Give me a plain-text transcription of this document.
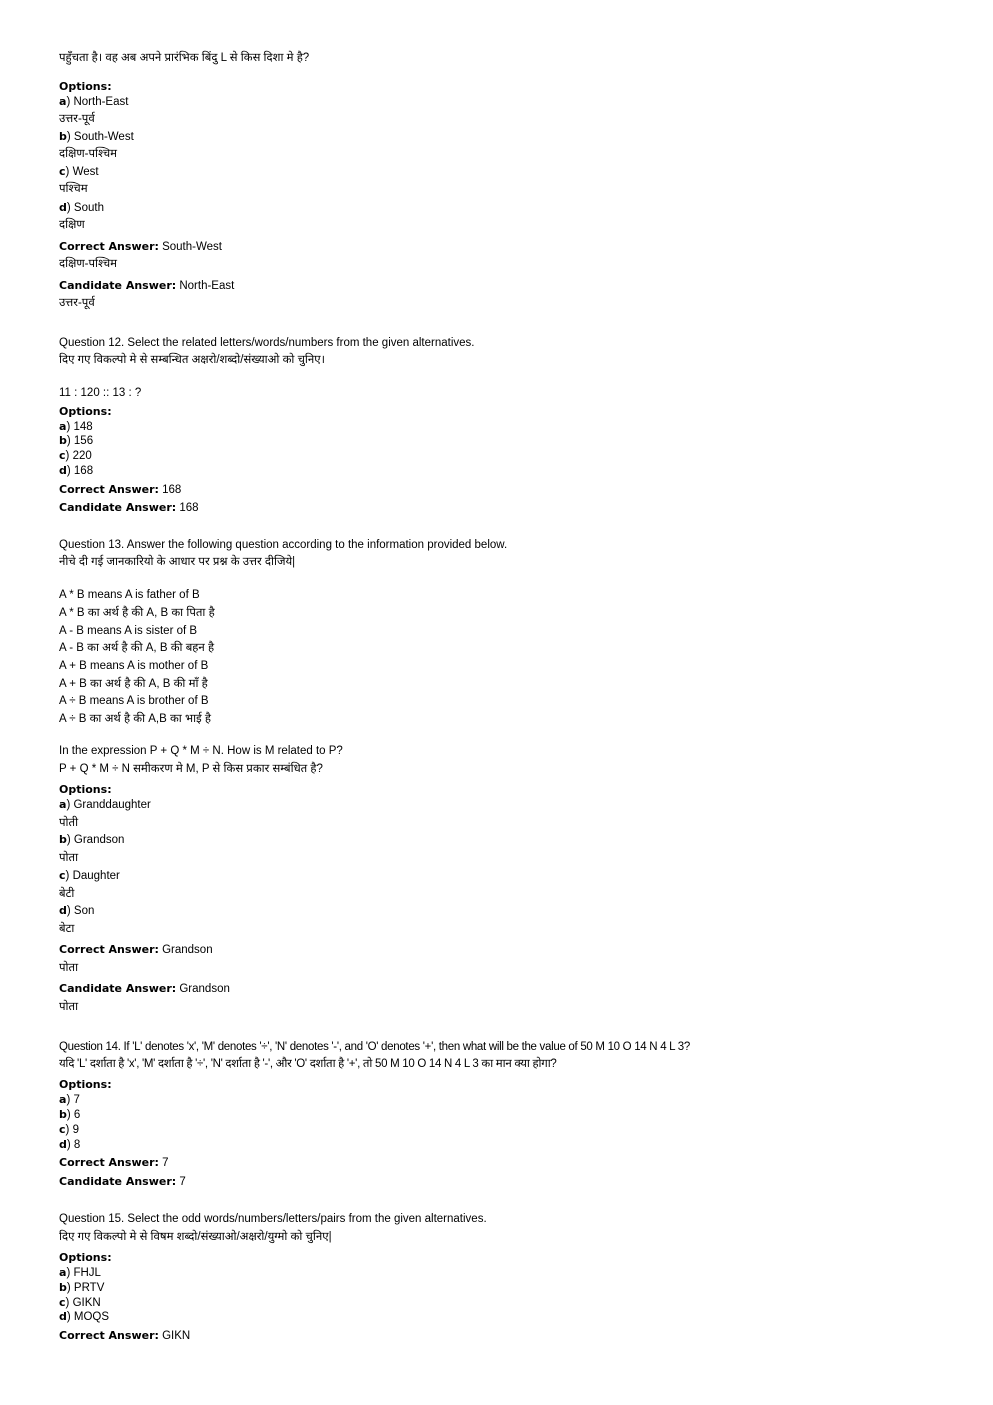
पहुँचता है। वह अब अपने प्रारंभिक बिंदु L से किस दिशा मे है?
Options:
a) North-East
उत्तर-पूर्व
b) South-West
दक्षिण-पश्चिम
c) West
पश्चिम
d) South
दक्षिण
Correct Answer: South-West
दक्षिण-पश्चिम
Candidate Answer: North-East
उत्तर-पूर्व
Question 12. Select the related letters/words/numbers from the given alternatives.
दिए गए विकल्पो मे से सम्बन्धित अक्षरो/शब्दो/संख्याओ को चुनिए।
11 : 120 :: 13 : ?
Options:
a) 148
b) 156
c) 220
d) 168
Correct Answer: 168
Candidate Answer: 168
Question 13. Answer the following question according to the information provided below.
नीचे दी गई जानकारियो के आधार पर प्रश्न के उत्तर दीजिये|
A * B means A is father of B
A * B का अर्थ है की A, B का पिता है
A - B means A is sister of B
A - B का अर्थ है की A, B की बहन है
A + B means A is mother of B
A + B का अर्थ है की A, B की माँ है
A ÷ B means A is brother of B
A ÷ B का अर्थ है की A,B का भाई है
In the expression P + Q * M ÷ N. How is M related to P?
P + Q * M ÷ N समीकरण मे M, P से किस प्रकार सम्बंधित है?
Options:
a) Granddaughter
पोती
b) Grandson
पोता
c) Daughter
बेटी
d) Son
बेटा
Correct Answer: Grandson
पोता
Candidate Answer: Grandson
पोता
Question 14. If 'L' denotes 'x', 'M' denotes '÷', 'N' denotes '-', and 'O' denotes '+', then what will be the value of 50 M 10 O 14 N 4 L 3?
यदि 'L' दर्शाता है 'x', 'M' दर्शाता है '÷', 'N' दर्शाता है '-', और 'O' दर्शाता है '+', तो 50 M 10 O 14 N 4 L 3 का मान क्या होगा?
Options:
a) 7
b) 6
c) 9
d) 8
Correct Answer: 7
Candidate Answer: 7
Question 15. Select the odd words/numbers/letters/pairs from the given alternatives.
दिए गए विकल्पो मे से विषम शब्दो/संख्याओ/अक्षरो/युग्मो को चुनिए|
Options:
a) FHJL
b) PRTV
c) GIKN
d) MOQS
Correct Answer: GIKN
